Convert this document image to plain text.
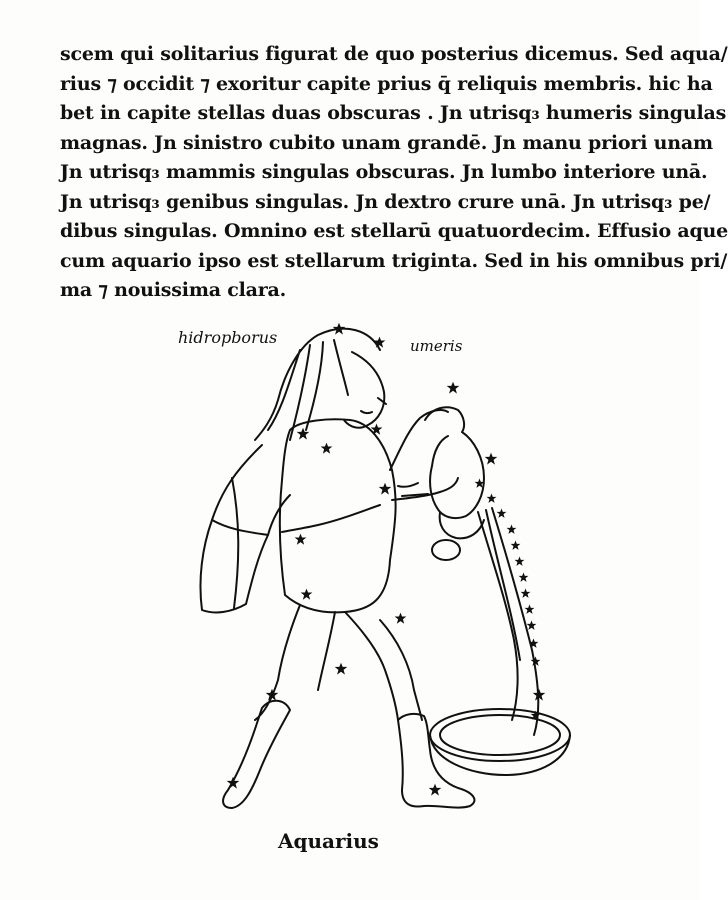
scem qui solitarius figurat de quo posterius dicemus. Sed aqua/
rius ⁊ occidit ⁊ exoritur capite prius q̄ reliquis membris. hic ha
bet in capite stellas duas obscuras . Jn utrisq₃ humeris singulas
magnas. Jn sinistro cubito unam grandē. Jn manu priori unam
Jn utrisq₃ mammis singulas obscuras. Jn lumbo interiore unā.
Jn utrisq₃ genibus singulas. Jn dextro crure unā. Jn utrisq₃ pe/
dibus singulas. Omnino est stellarū quatuordecim. Effusio aque
cum aquario ipso est stellarum triginta. Sed in his omnibus pri/
ma ⁊ nouissima clara.
hidropborus	umeris
Aquarius
